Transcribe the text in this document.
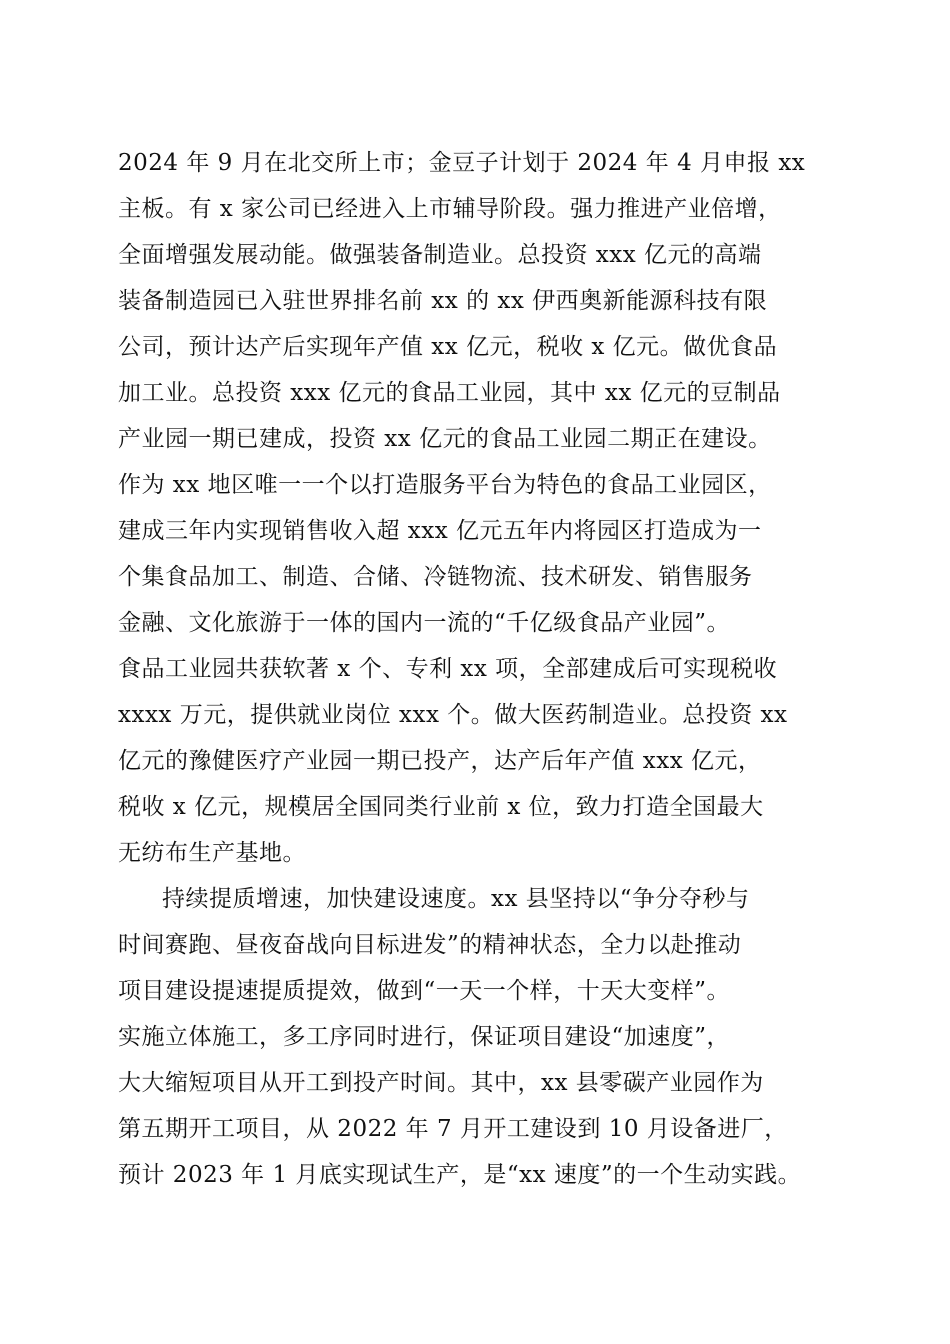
2024 年 9 月在北交所上市；金豆子计划于 2024 年 4 月申报 xx
主板。有 x 家公司已经进入上市辅导阶段。强力推进产业倍增，
全面增强发展动能。做强装备制造业。总投资 xxx 亿元的高端
装备制造园已入驻世界排名前 xx 的 xx 伊西奥新能源科技有限
公司，预计达产后实现年产值 xx 亿元，税收 x 亿元。做优食品
加工业。总投资 xxx 亿元的食品工业园，其中 xx 亿元的豆制品
产业园一期已建成，投资 xx 亿元的食品工业园二期正在建设。
作为 xx 地区唯一一个以打造服务平台为特色的食品工业园区，
建成三年内实现销售收入超 xxx 亿元五年内将园区打造成为一
个集食品加工、制造、合储、冷链物流、技术研发、销售服务
金融、文化旅游于一体的国内一流的“千亿级食品产业园”。
食品工业园共获软著 x 个、专利 xx 项，全部建成后可实现税收
xxxx 万元，提供就业岗位 xxx 个。做大医药制造业。总投资 xx
亿元的豫健医疗产业园一期已投产，达产后年产值 xxx 亿元，
税收 x 亿元，规模居全国同类行业前 x 位，致力打造全国最大
无纺布生产基地。
持续提质增速，加快建设速度。xx 县坚持以“争分夺秒与
时间赛跑、昼夜奋战向目标进发”的精神状态，全力以赴推动
项目建设提速提质提效，做到“一天一个样，十天大变样”。
实施立体施工，多工序同时进行，保证项目建设“加速度”，
大大缩短项目从开工到投产时间。其中，xx 县零碳产业园作为
第五期开工项目，从 2022 年 7 月开工建设到 10 月设备进厂，
预计 2023 年 1 月底实现试生产，是“xx 速度”的一个生动实践。
